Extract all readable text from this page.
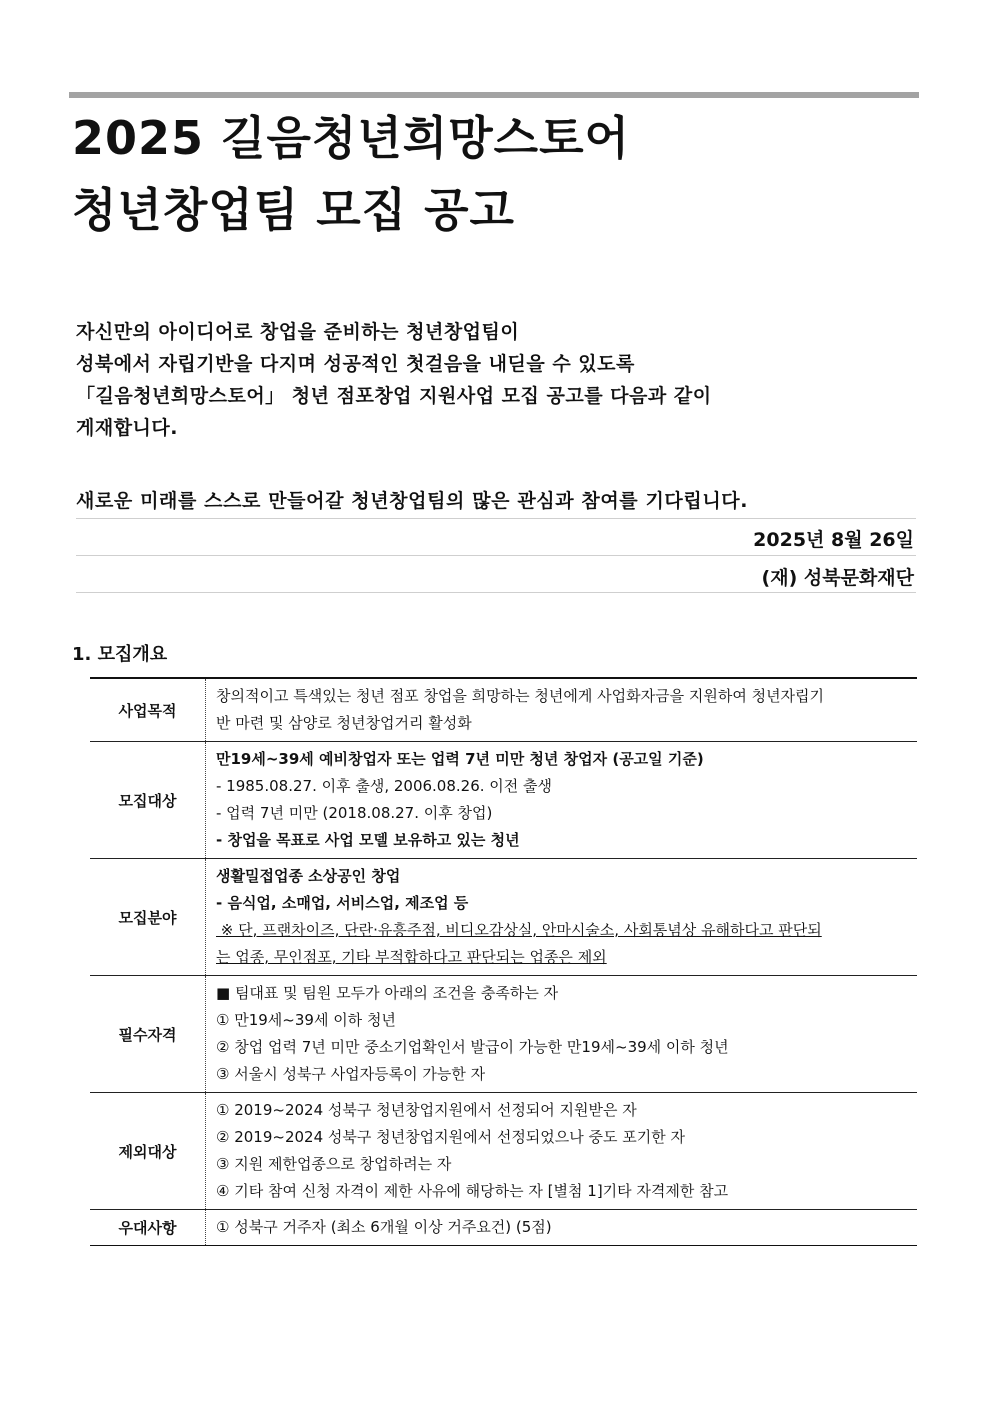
2025 길음청년희망스토어
청년창업팀 모집 공고
자신만의 아이디어로 창업을 준비하는 청년창업팀이
성북에서 자립기반을 다지며 성공적인 첫걸음을 내딛을 수 있도록
「길음청년희망스토어」 청년 점포창업 지원사업 모집 공고를 다음과 같이
게재합니다.
새로운 미래를 스스로 만들어갈 청년창업팀의 많은 관심과 참여를 기다립니다.
2025년 8월 26일
(재) 성북문화재단
1. 모집개요
사업목적	창의적이고 특색있는 청년 점포 창업을 희망하는 청년에게 사업화자금을 지원하여 청년자립기
반 마련 및 삼양로 청년창업거리 활성화

모집대상	만19세~39세 예비창업자 또는 업력 7년 미만 청년 창업자 (공고일 기준)
- 1985.08.27. 이후 출생, 2006.08.26. 이전 출생
- 업력 7년 미만 (2018.08.27. 이후 창업)
- 창업을 목표로 사업 모델 보유하고 있는 청년

모집분야	생활밀접업종 소상공인 창업
- 음식업, 소매업, 서비스업, 제조업 등
※ 단, 프랜차이즈, 단란·유흥주점, 비디오감상실, 안마시술소, 사회통념상 유해하다고 판단되
는 업종, 무인점포, 기타 부적합하다고 판단되는 업종은 제외

필수자격	■ 팀대표 및 팀원 모두가 아래의 조건을 충족하는 자
① 만19세~39세 이하 청년
② 창업 업력 7년 미만 중소기업확인서 발급이 가능한 만19세~39세 이하 청년
③ 서울시 성북구 사업자등록이 가능한 자

제외대상	① 2019~2024 성북구 청년창업지원에서 선정되어 지원받은 자
② 2019~2024 성북구 청년창업지원에서 선정되었으나 중도 포기한 자
③ 지원 제한업종으로 창업하려는 자
④ 기타 참여 신청 자격이 제한 사유에 해당하는 자 [별첨 1]기타 자격제한 참고

우대사항	① 성북구 거주자 (최소 6개월 이상 거주요건) (5점)
